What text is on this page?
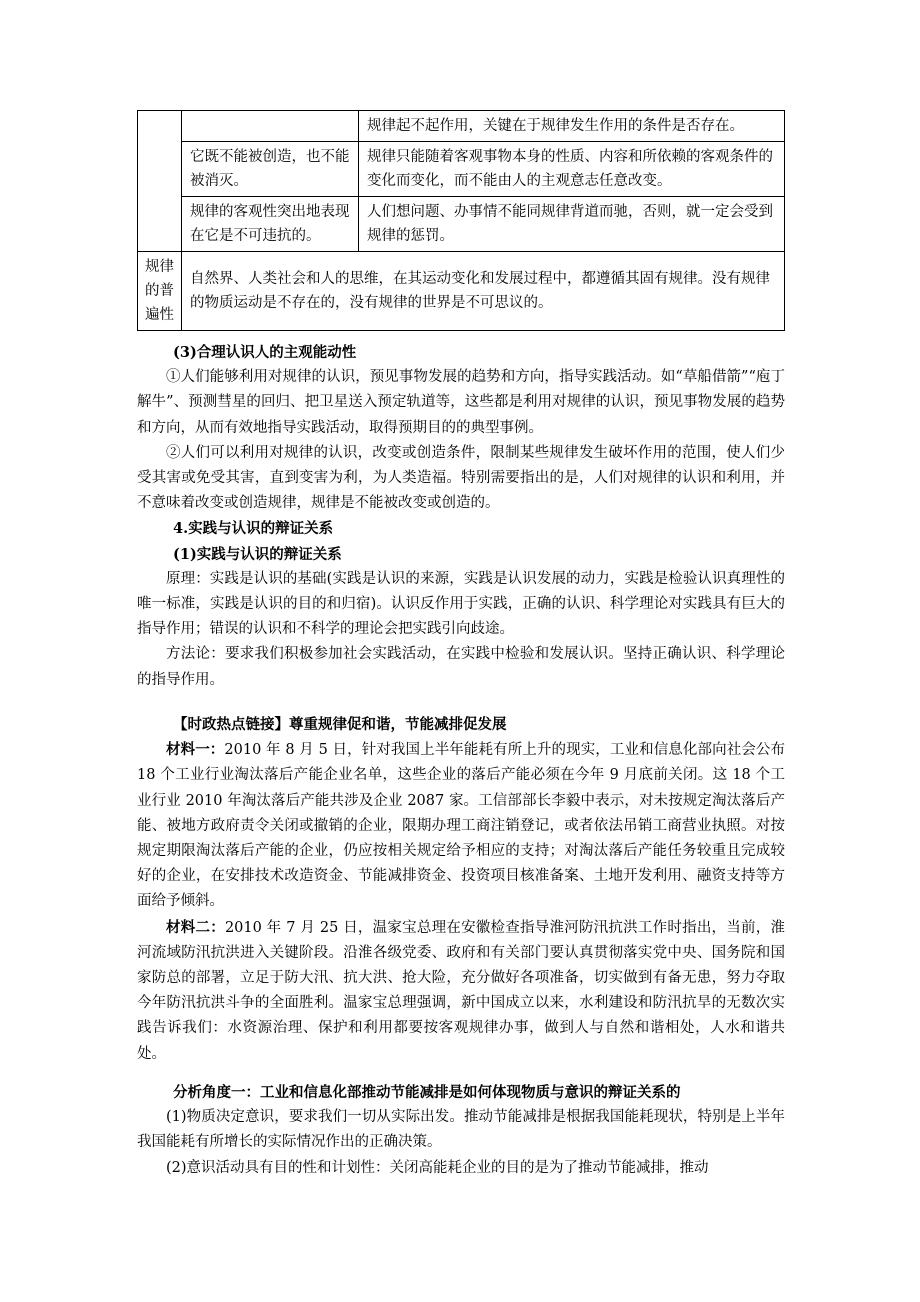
		规律起不起作用，关键在于规律发生作用的条件是否存在。
	它既不能被创造，也不能被消灭。	规律只能随着客观事物本身的性质、内容和所依赖的客观条件的变化而变化，而不能由人的主观意志任意改变。
	规律的客观性突出地表现在它是不可违抗的。	人们想问题、办事情不能同规律背道而驰，否则，就一定会受到规律的惩罚。
规律的普遍性	自然界、人类社会和人的思维，在其运动变化和发展过程中，都遵循其固有规律。没有规律的物质运动是不存在的，没有规律的世界是不可思议的。	

(3)合理认识人的主观能动性

①人们能够利用对规律的认识，预见事物发展的趋势和方向，指导实践活动。如“草船借箭”“庖丁解牛”、预测彗星的回归、把卫星送入预定轨道等，这些都是利用对规律的认识，预见事物发展的趋势和方向，从而有效地指导实践活动，取得预期目的的典型事例。

②人们可以利用对规律的认识，改变或创造条件，限制某些规律发生破坏作用的范围，使人们少受其害或免受其害，直到变害为利，为人类造福。特别需要指出的是，人们对规律的认识和利用，并不意味着改变或创造规律，规律是不能被改变或创造的。

4.实践与认识的辩证关系

(1)实践与认识的辩证关系

原理：实践是认识的基础(实践是认识的来源，实践是认识发展的动力，实践是检验认识真理性的唯一标准，实践是认识的目的和归宿)。认识反作用于实践，正确的认识、科学理论对实践具有巨大的指导作用；错误的认识和不科学的理论会把实践引向歧途。

方法论：要求我们积极参加社会实践活动，在实践中检验和发展认识。坚持正确认识、科学理论的指导作用。

【时政热点链接】尊重规律促和谐，节能减排促发展

材料一：2010 年 8 月 5 日，针对我国上半年能耗有所上升的现实，工业和信息化部向社会公布 18 个工业行业淘汰落后产能企业名单，这些企业的落后产能必须在今年 9 月底前关闭。这 18 个工业行业 2010 年淘汰落后产能共涉及企业 2087 家。工信部部长李毅中表示，对未按规定淘汰落后产能、被地方政府责令关闭或撤销的企业，限期办理工商注销登记，或者依法吊销工商营业执照。对按规定期限淘汰落后产能的企业，仍应按相关规定给予相应的支持；对淘汰落后产能任务较重且完成较好的企业，在安排技术改造资金、节能减排资金、投资项目核准备案、土地开发利用、融资支持等方面给予倾斜。

材料二：2010 年 7 月 25 日，温家宝总理在安徽检查指导淮河防汛抗洪工作时指出，当前，淮河流域防汛抗洪进入关键阶段。沿淮各级党委、政府和有关部门要认真贯彻落实党中央、国务院和国家防总的部署，立足于防大汛、抗大洪、抢大险，充分做好各项准备，切实做到有备无患，努力夺取今年防汛抗洪斗争的全面胜利。温家宝总理强调，新中国成立以来，水利建设和防汛抗旱的无数次实践告诉我们：水资源治理、保护和利用都要按客观规律办事，做到人与自然和谐相处，人水和谐共处。

分析角度一：工业和信息化部推动节能减排是如何体现物质与意识的辩证关系的

(1)物质决定意识，要求我们一切从实际出发。推动节能减排是根据我国能耗现状，特别是上半年我国能耗有所增长的实际情况作出的正确决策。

(2)意识活动具有目的性和计划性：关闭高能耗企业的目的是为了推动节能减排，推动
